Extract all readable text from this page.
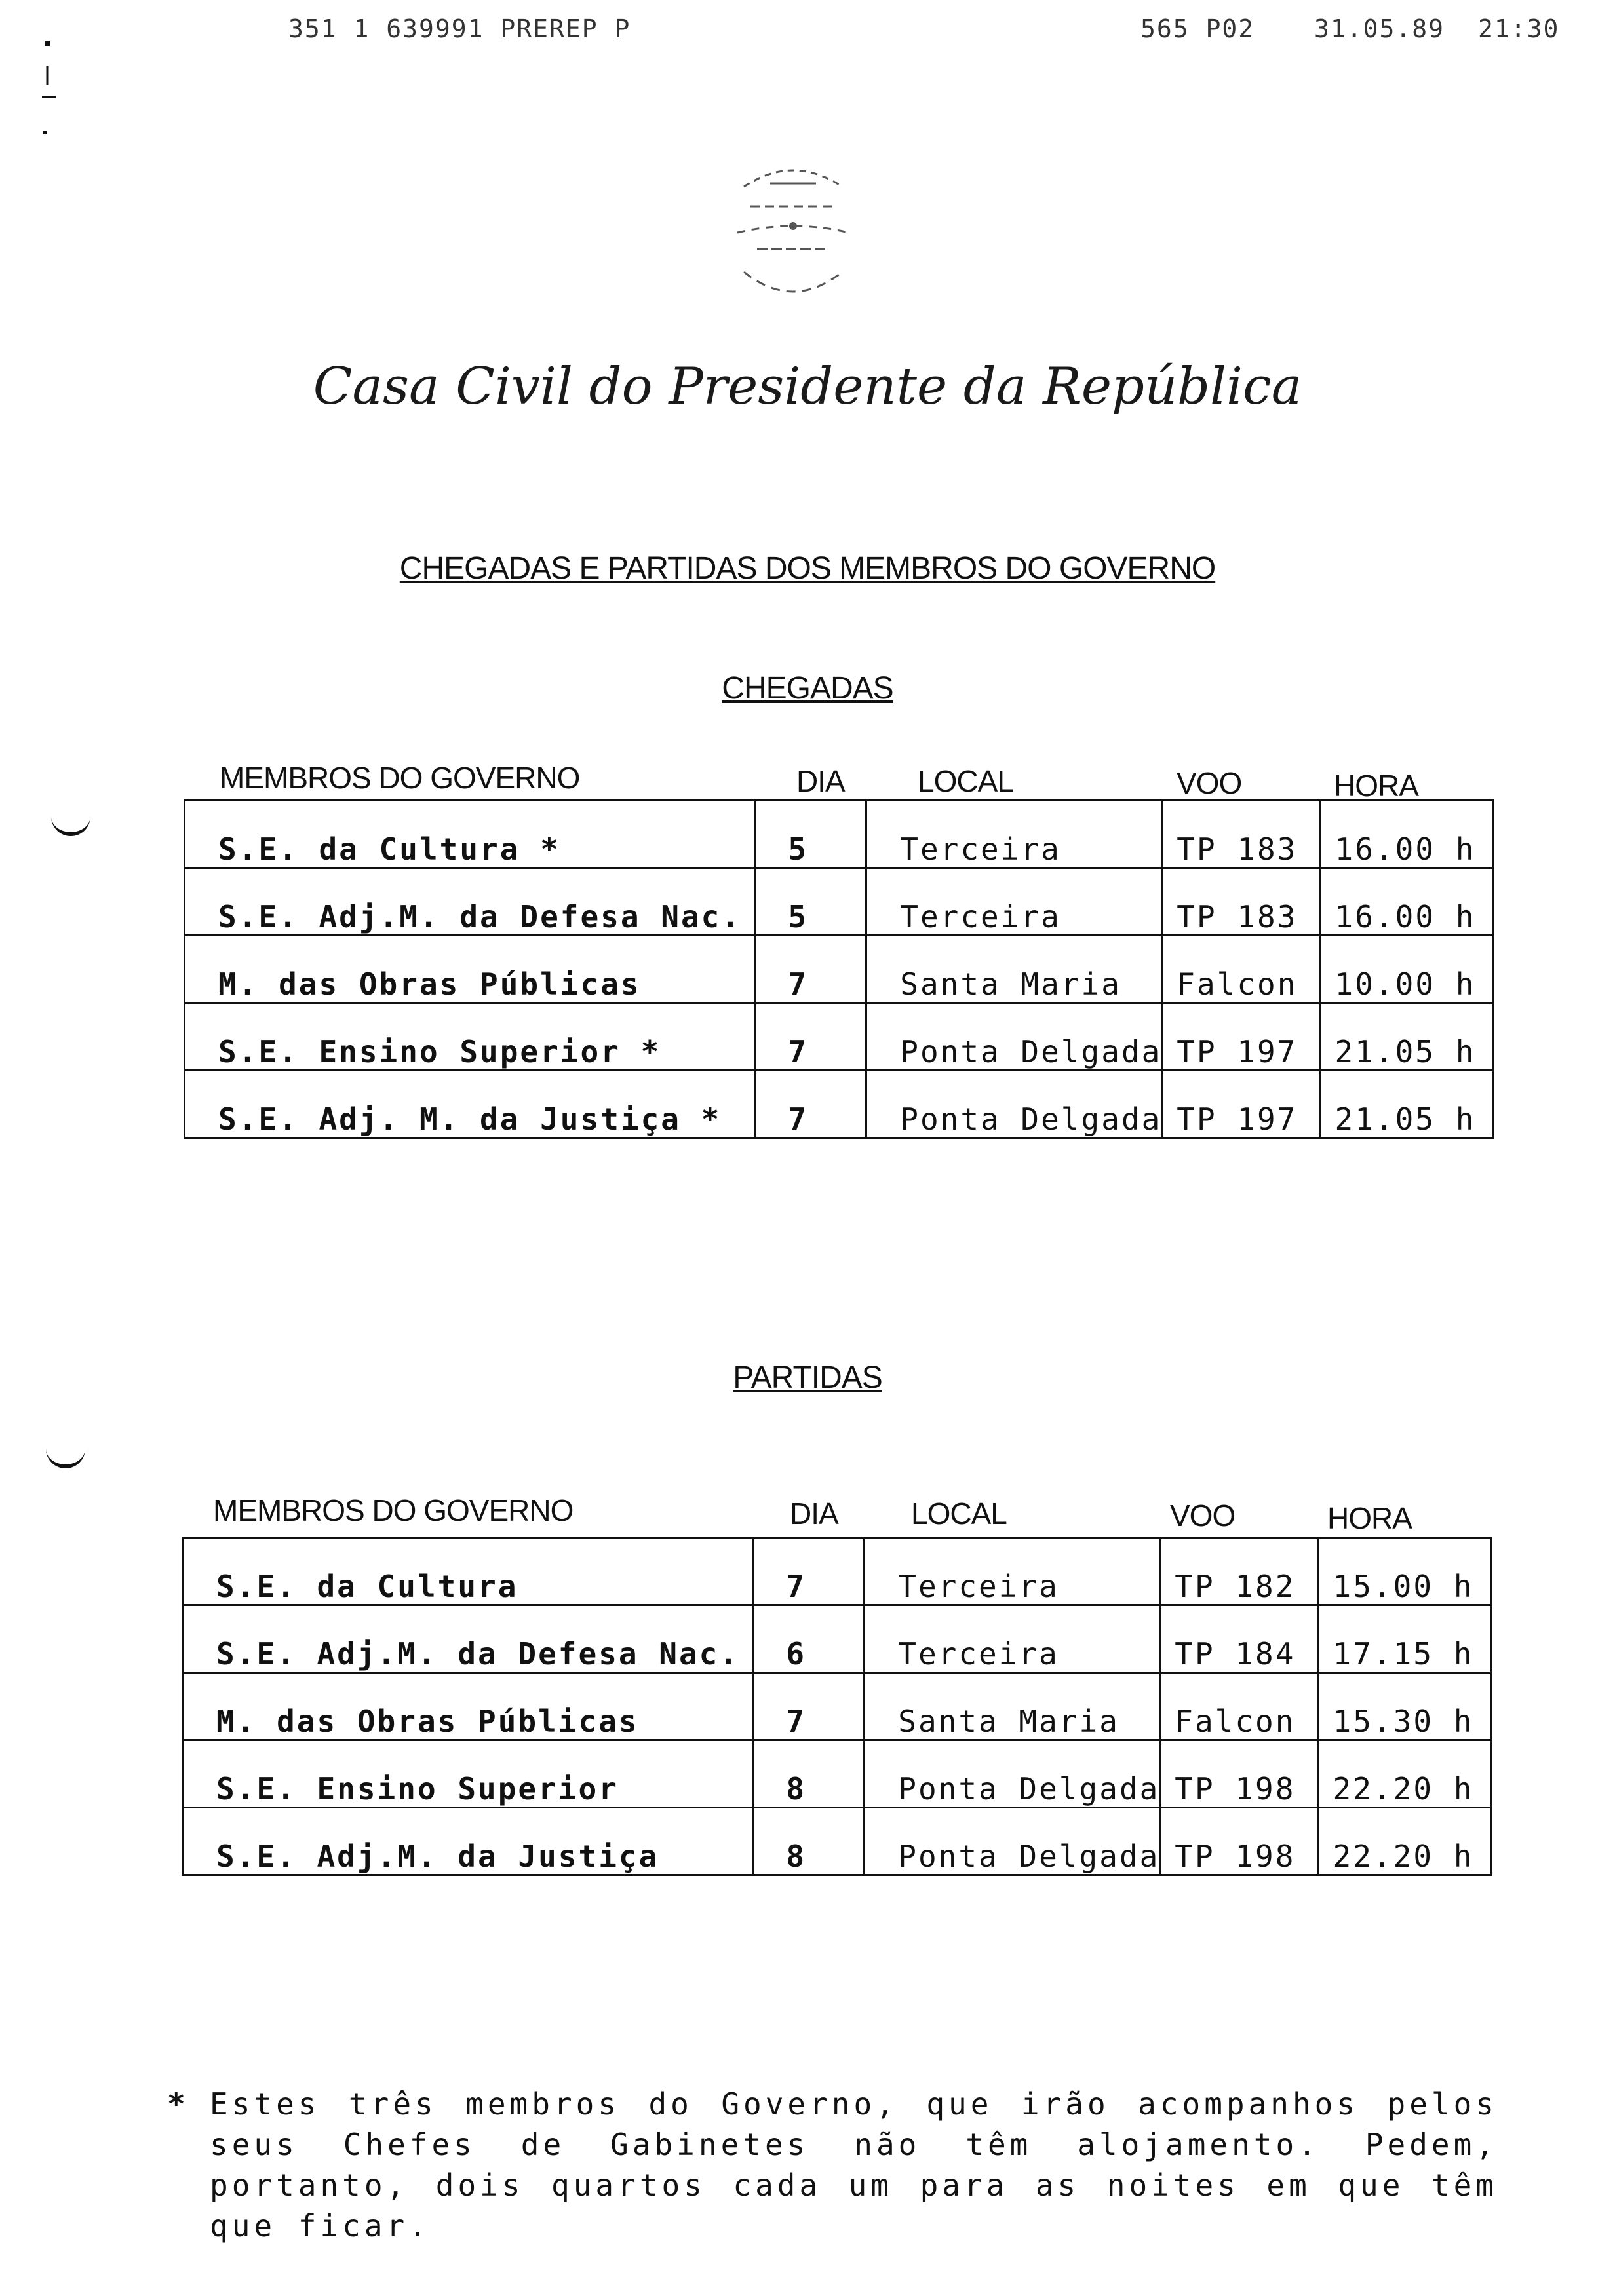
351 1 639991 PREREP P	565 P02 31.05.89 21:30
Casa Civil do Presidente da República
CHEGADAS E PARTIDAS DOS MEMBROS DO GOVERNO
CHEGADAS
MEMBROS DO GOVERNO	DIA LOCAL	VOO	HORA
S.E. da Cultura *	5	Terceira	TP 183	16.00 h
S.E. Adj.M. da Defesa Nac.	5	Terceira	TP 183	16.00 h
M. das Obras Públicas	7	Santa Maria	Falcon	10.00 h
S.E. Ensino Superior *	7	Ponta Delgada	TP 197	21.05 h
S.E. Adj. M. da Justiça *	7	Ponta Delgada	TP 197	21.05 h
PARTIDAS
MEMBROS DO GOVERNO	DIA LOCAL	VOO	HORA
S.E. da Cultura	7	Terceira	TP 182	15.00 h
S.E. Adj.M. da Defesa Nac.	6	Terceira	TP 184	17.15 h
M. das Obras Públicas	7	Santa Maria	Falcon	15.30 h
S.E. Ensino Superior	8	Ponta Delgada	TP 198	22.20 h
S.E. Adj.M. da Justiça	8	Ponta Delgada	TP 198	22.20 h
* Estes três membros do Governo, que irão acompanhos pelos seus Chefes de Gabinetes não têm alojamento. Pedem, portanto, dois quartos cada um para as noites em que têm que ficar.
